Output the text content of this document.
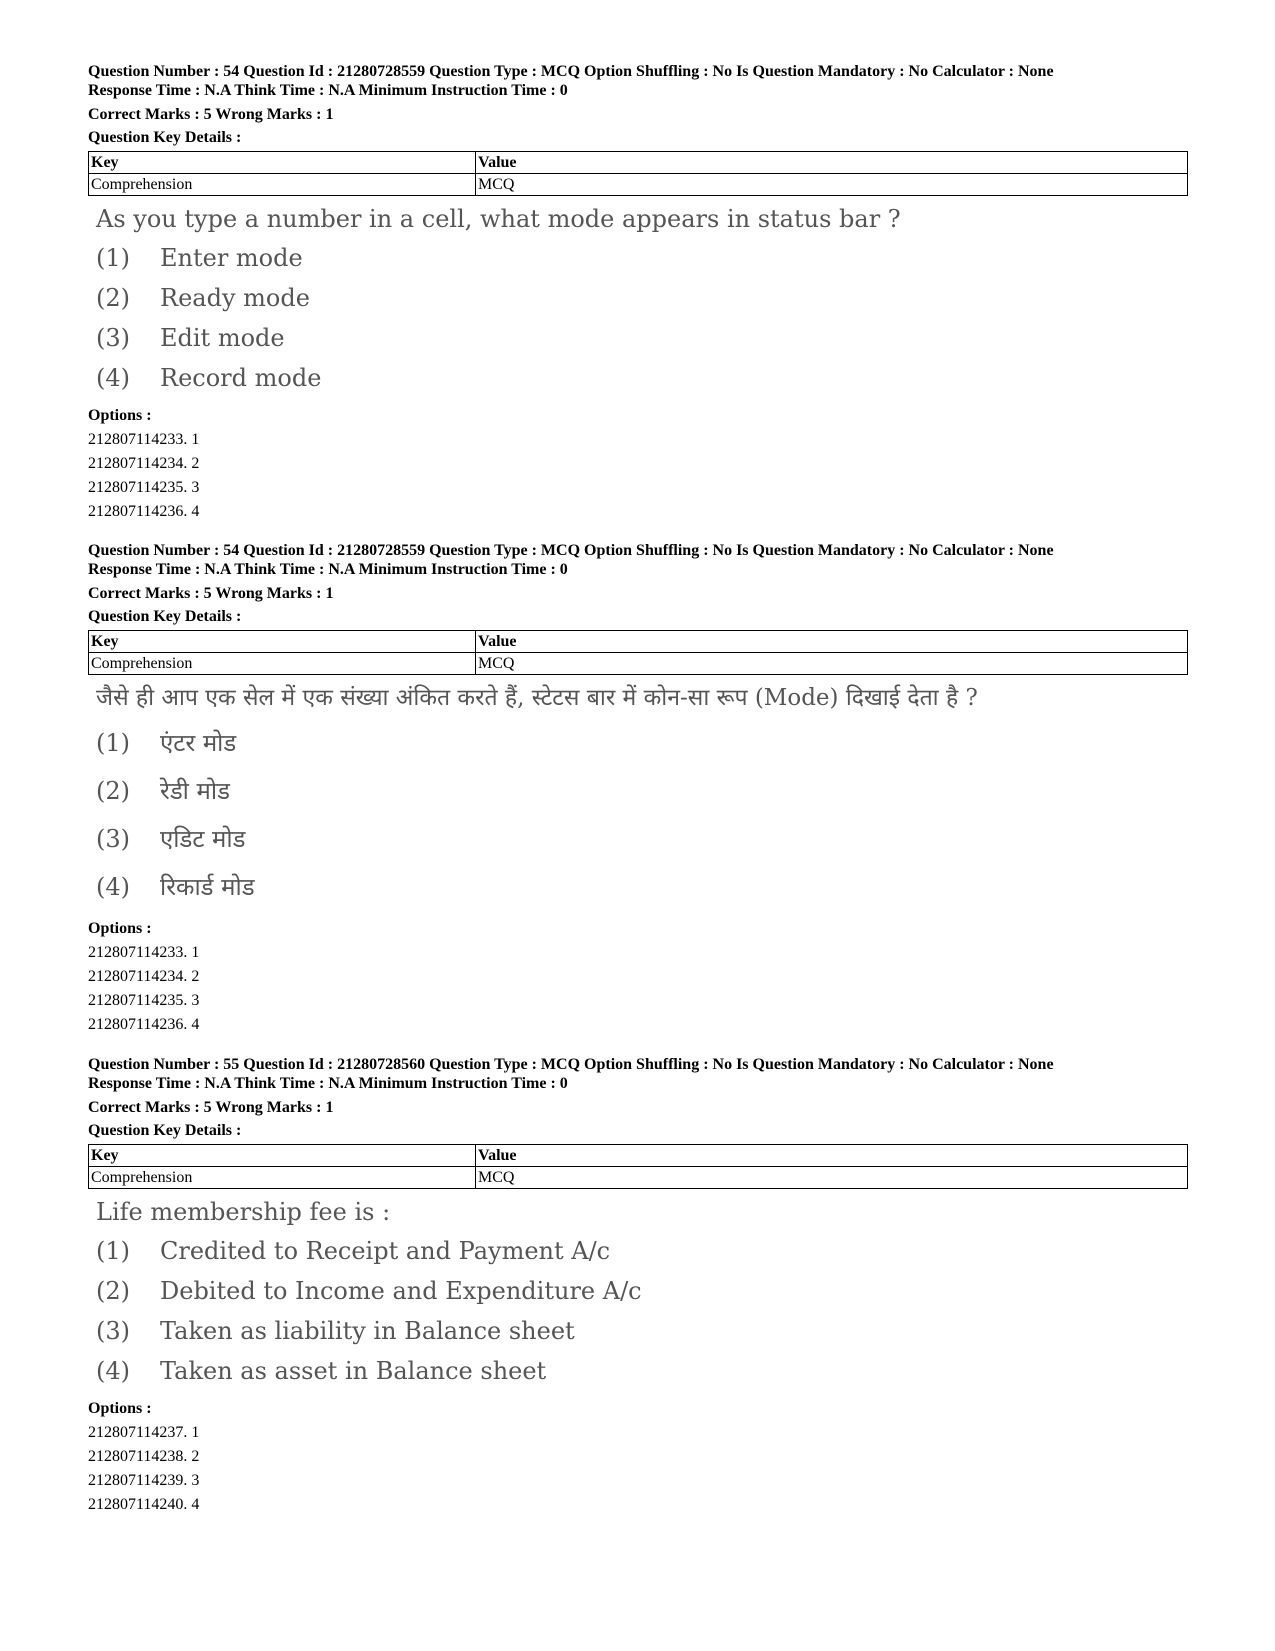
Question Number : 54 Question Id : 21280728559 Question Type : MCQ Option Shuffling : No Is Question Mandatory : No Calculator : None

Response Time : N.A Think Time : N.A Minimum Instruction Time : 0

Correct Marks : 5 Wrong Marks : 1

Question Key Details :

Key	Value
Comprehension	MCQ
As you type a number in a cell, what mode appears in status bar ?
(1)	Enter mode
(2)	Ready mode
(3)	Edit mode
(4)	Record mode
Options :
212807114233. 1
212807114234. 2
212807114235. 3
212807114236. 4

Question Number : 54 Question Id : 21280728559 Question Type : MCQ Option Shuffling : No Is Question Mandatory : No Calculator : None

Response Time : N.A Think Time : N.A Minimum Instruction Time : 0

Correct Marks : 5 Wrong Marks : 1

Question Key Details :

Key	Value
Comprehension	MCQ
जैसे ही आप एक सेल में एक संख्या अंकित करते हैं, स्टेटस बार में कोन-सा रूप (Mode) दिखाई देता है ?
(1)	एंटर मोड
(2)	रेडी मोड
(3)	एडिट मोड
(4)	रिकार्ड मोड
Options :
212807114233. 1
212807114234. 2
212807114235. 3
212807114236. 4

Question Number : 55 Question Id : 21280728560 Question Type : MCQ Option Shuffling : No Is Question Mandatory : No Calculator : None

Response Time : N.A Think Time : N.A Minimum Instruction Time : 0

Correct Marks : 5 Wrong Marks : 1

Question Key Details :

Key	Value
Comprehension	MCQ
Life membership fee is :
(1)	Credited to Receipt and Payment A/c
(2)	Debited to Income and Expenditure A/c
(3)	Taken as liability in Balance sheet
(4)	Taken as asset in Balance sheet
Options :
212807114237. 1
212807114238. 2
212807114239. 3
212807114240. 4
